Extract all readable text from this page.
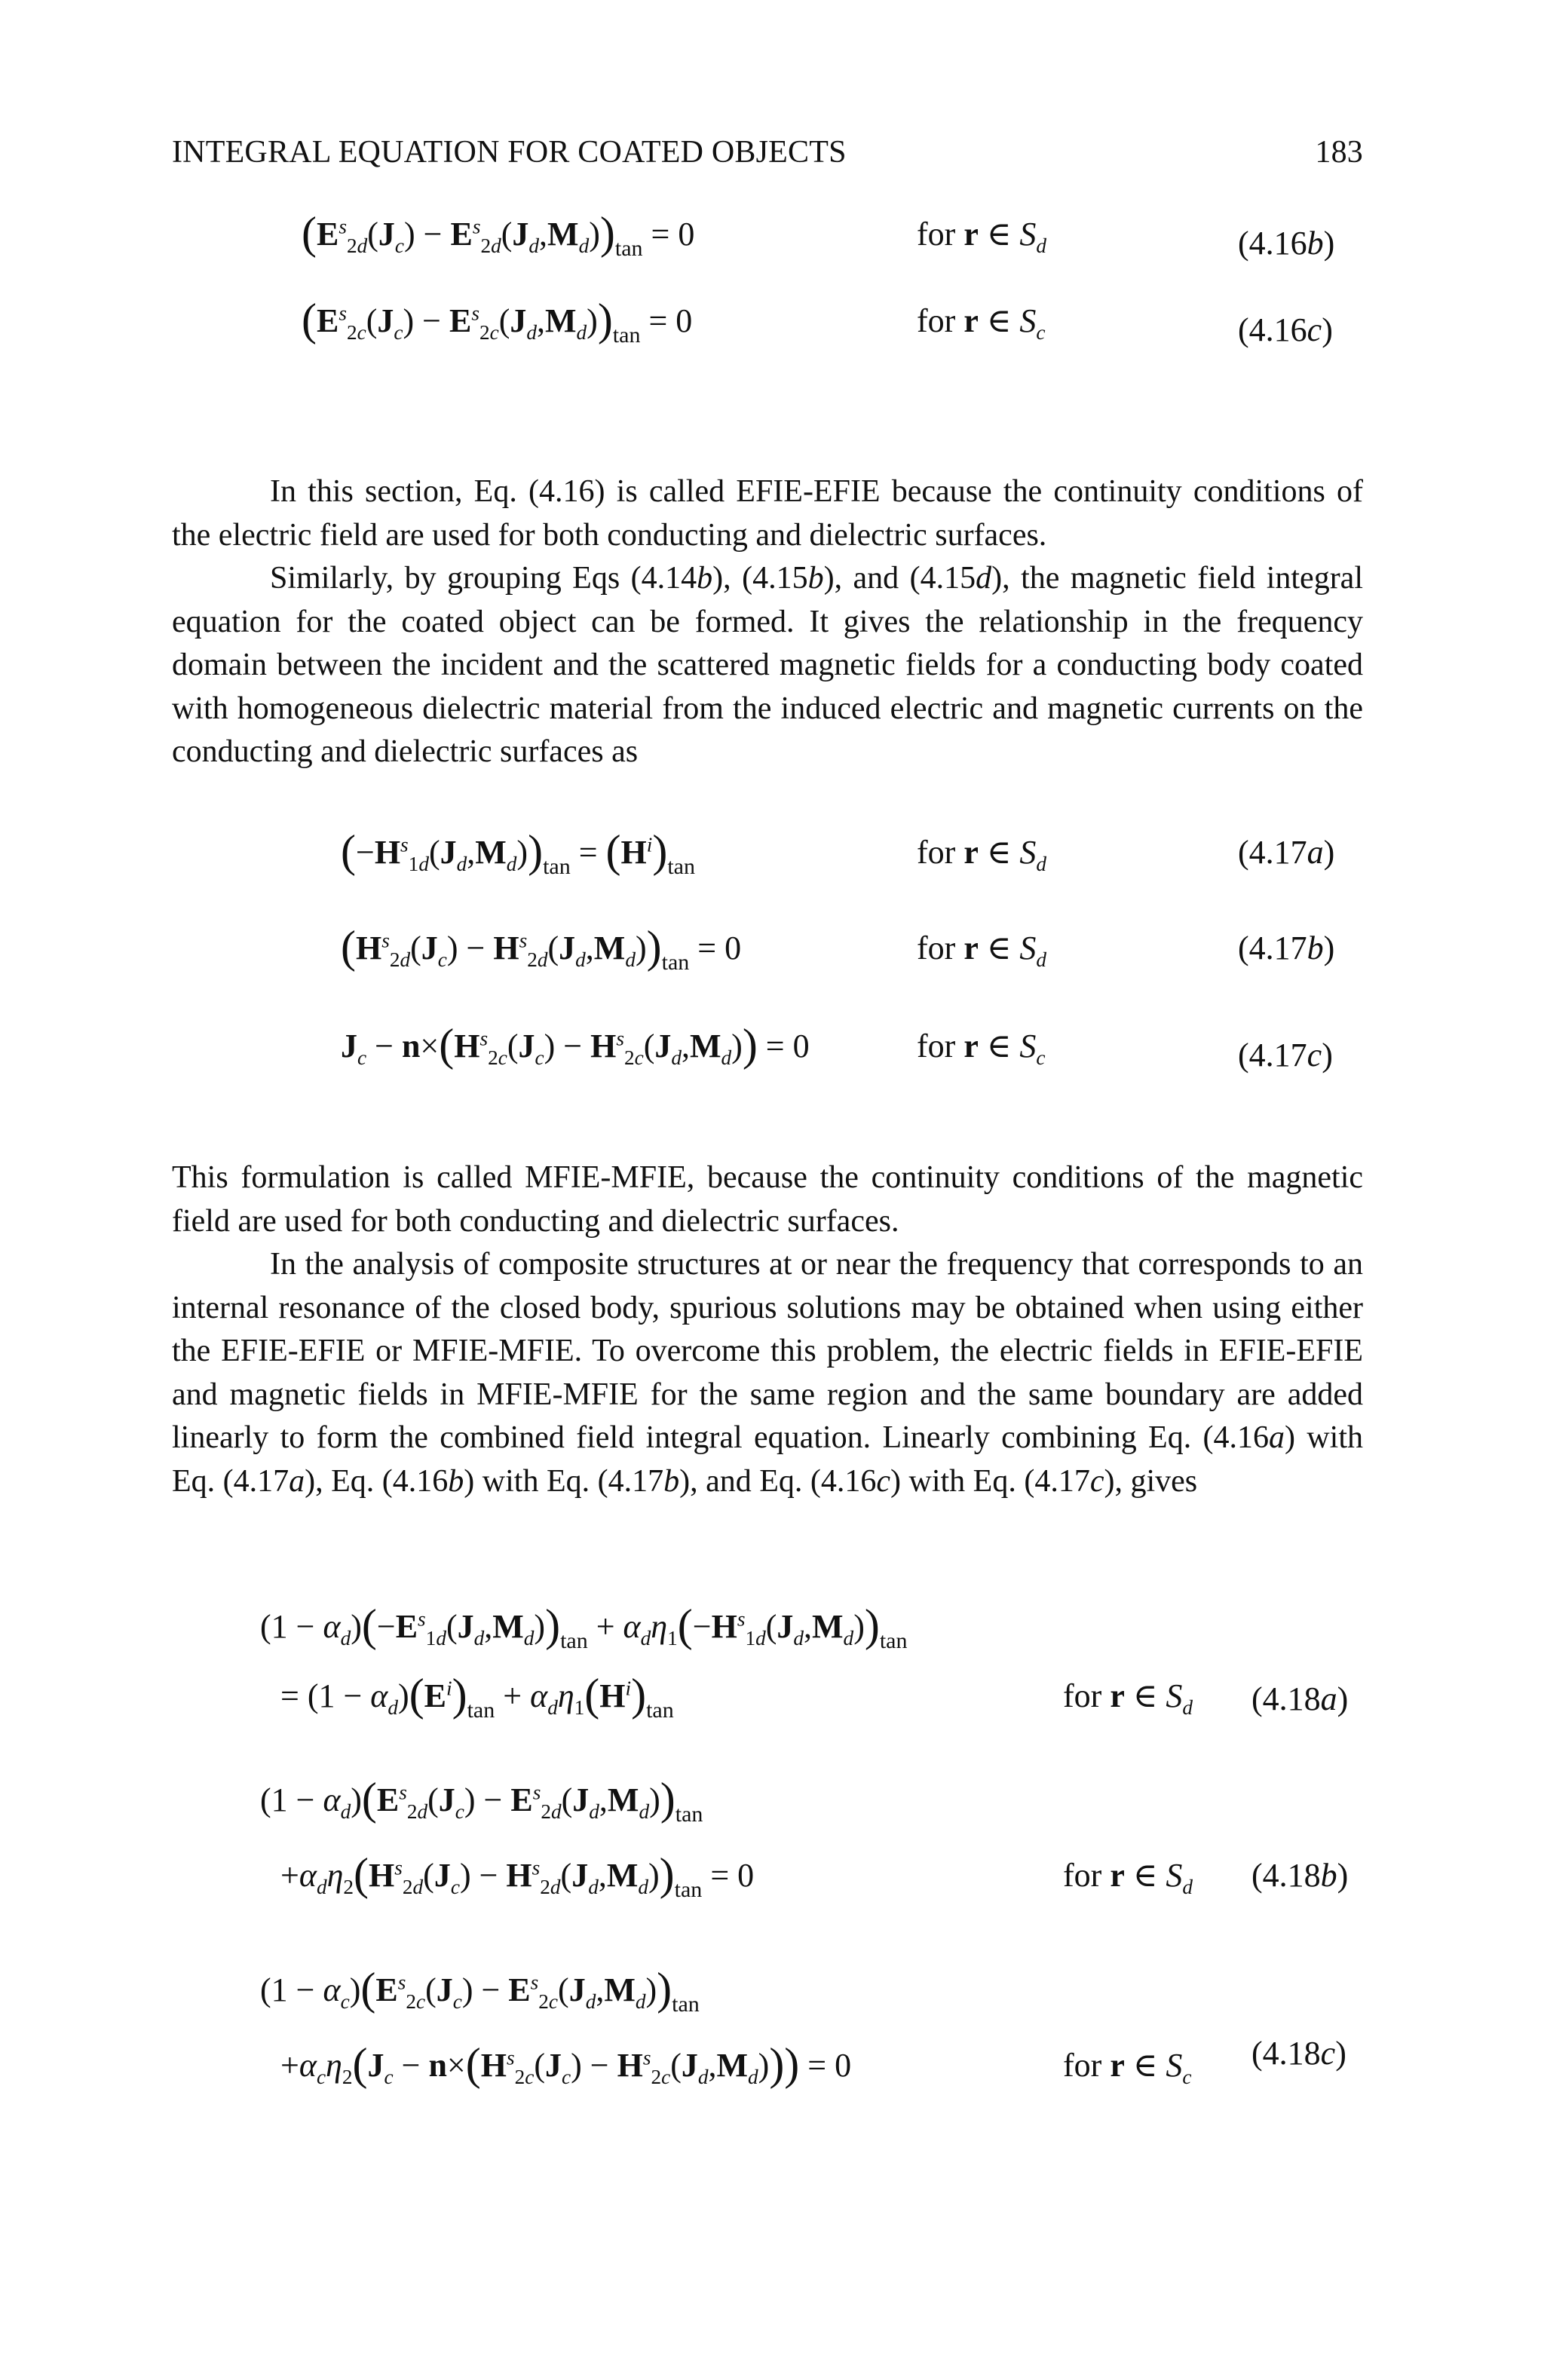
INTEGRAL EQUATION FOR COATED OBJECTS	183
$(E^s_{2d}(J_c) - E^s_{2d}(J_d,M_d))_{tan} = 0$	for r ∈ $S_d$	(4.16b)
$(E^s_{2c}(J_c) - E^s_{2c}(J_d,M_d))_{tan} = 0$	for r ∈ $S_c$	(4.16c)

In this section, Eq. (4.16) is called EFIE-EFIE because the continuity conditions of the electric field are used for both conducting and dielectric surfaces.

Similarly, by grouping Eqs (4.14b), (4.15b), and (4.15d), the magnetic field integral equation for the coated object can be formed. It gives the relationship in the frequency domain between the incident and the scattered magnetic fields for a conducting body coated with homogeneous dielectric material from the induced electric and magnetic currents on the conducting and dielectric surfaces as

$(-H^s_{1d}(J_d,M_d))_{tan} = (H^i)_{tan}$	for r ∈ $S_d$	(4.17a)
$(H^s_{2d}(J_c) - H^s_{2d}(J_d,M_d))_{tan} = 0$	for r ∈ $S_d$	(4.17b)
$J_c - n\times(H^s_{2c}(J_c) - H^s_{2c}(J_d,M_d)) = 0$	for r ∈ $S_c$	(4.17c)

This formulation is called MFIE-MFIE, because the continuity conditions of the magnetic field are used for both conducting and dielectric surfaces.

In the analysis of composite structures at or near the frequency that corresponds to an internal resonance of the closed body, spurious solutions may be obtained when using either the EFIE-EFIE or MFIE-MFIE. To overcome this problem, the electric fields in EFIE-EFIE and magnetic fields in MFIE-MFIE for the same region and the same boundary are added linearly to form the combined field integral equation. Linearly combining Eq. (4.16a) with Eq. (4.17a), Eq. (4.16b) with Eq. (4.17b), and Eq. (4.16c) with Eq. (4.17c), gives

$(1 - \alpha_d)(-E^s_{1d}(J_d,M_d))_{tan} + \alpha_d\eta_1(-H^s_{1d}(J_d,M_d))_{tan}$
= $(1 - \alpha_d)(E^i)_{tan} + \alpha_d\eta_1(H^i)_{tan}$	for r ∈ $S_d$ (4.18a)
$(1 - \alpha_d)(E^s_{2d}(J_c) - E^s_{2d}(J_d,M_d))_{tan}$
$+\alpha_d\eta_2(H^s_{2d}(J_c) - H^s_{2d}(J_d,M_d))_{tan} = 0$	for r ∈ $S_d$ (4.18b)
$(1 - \alpha_c)(E^s_{2c}(J_c) - E^s_{2c}(J_d,M_d))_{tan}$
$+\alpha_c\eta_2(J_c - n\times(H^s_{2c}(J_c) - H^s_{2c}(J_d,M_d))) = 0$	for r ∈ $S_c$
(4.18c)
